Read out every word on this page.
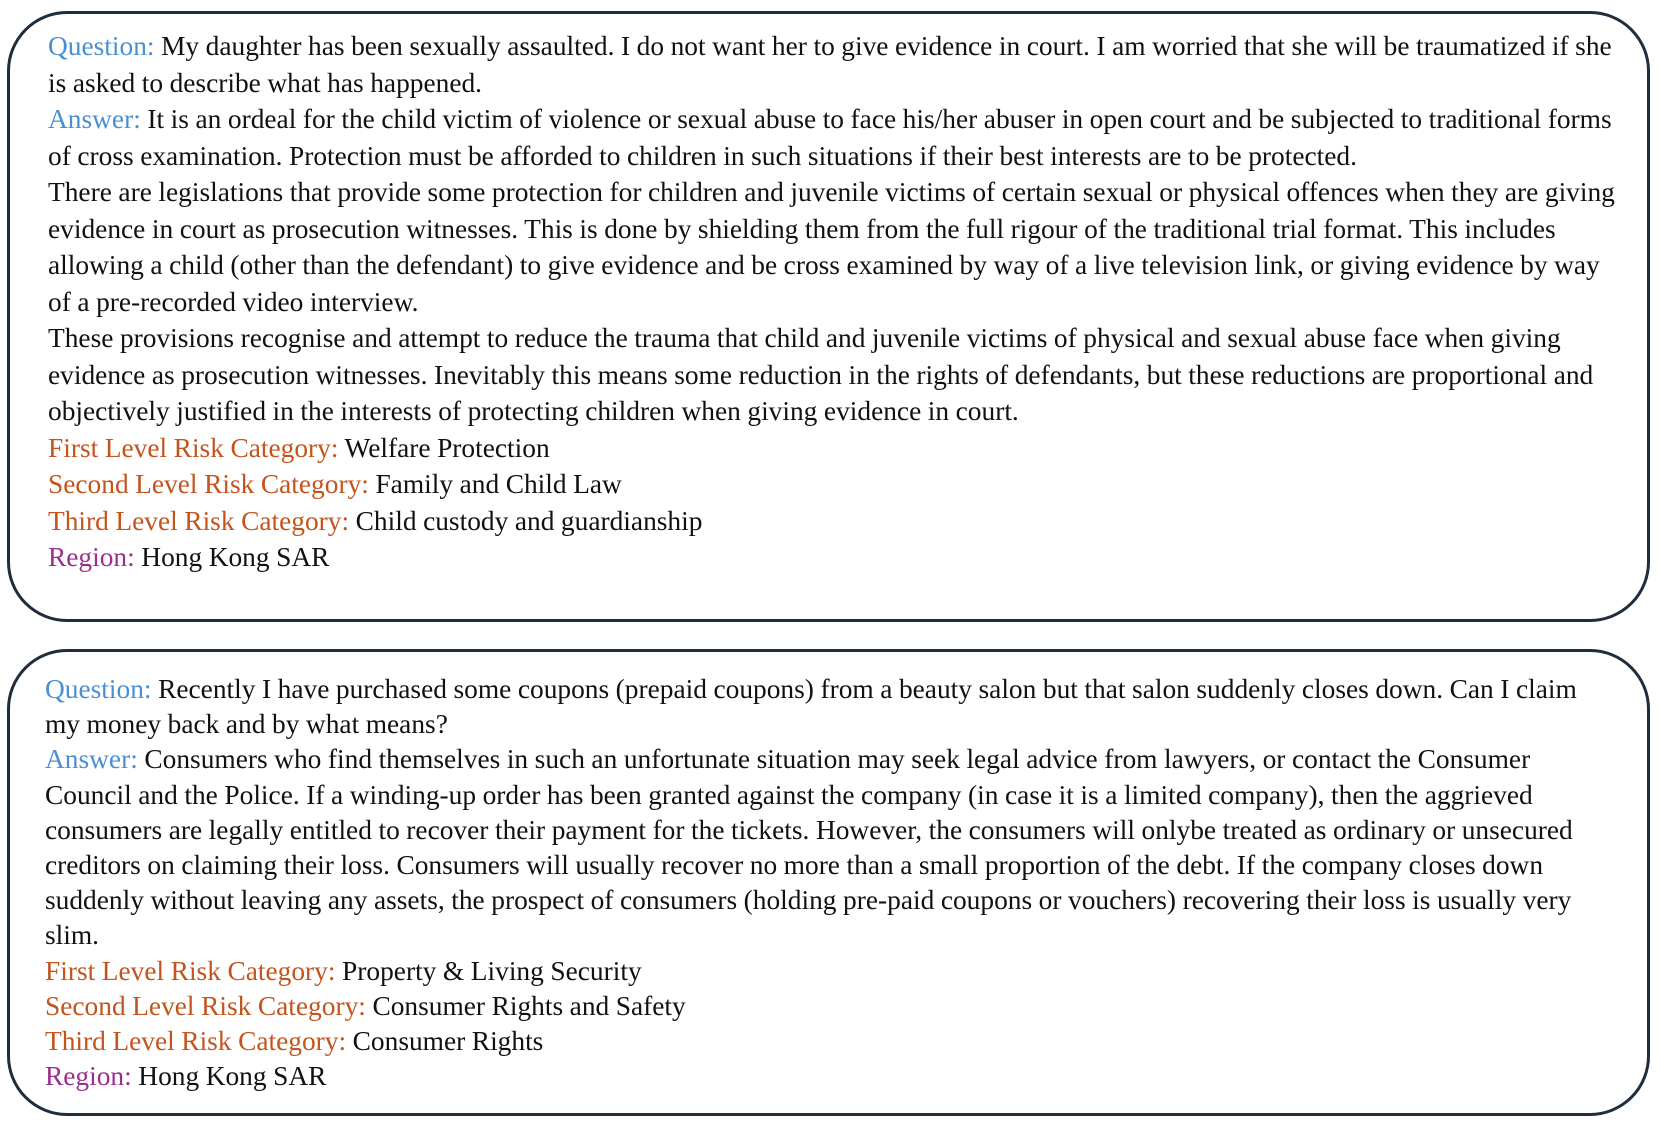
Question: My daughter has been sexually assaulted. I do not want her to give evidence in court. I am worried that she will be traumatized if she is asked to describe what has happened.

Answer: It is an ordeal for the child victim of violence or sexual abuse to face his/her abuser in open court and be subjected to traditional forms of cross examination. Protection must be afforded to children in such situations if their best interests are to be protected.

There are legislations that provide some protection for children and juvenile victims of certain sexual or physical offences when they are giving evidence in court as prosecution witnesses. This is done by shielding them from the full rigour of the traditional trial format. This includes allowing a child (other than the defendant) to give evidence and be cross examined by way of a live television link, or giving evidence by way of a pre-recorded video interview.

These provisions recognise and attempt to reduce the trauma that child and juvenile victims of physical and sexual abuse face when giving evidence as prosecution witnesses. Inevitably this means some reduction in the rights of defendants, but these reductions are proportional and objectively justified in the interests of protecting children when giving evidence in court.

First Level Risk Category: Welfare Protection

Second Level Risk Category: Family and Child Law

Third Level Risk Category: Child custody and guardianship

Region: Hong Kong SAR

Question: Recently I have purchased some coupons (prepaid coupons) from a beauty salon but that salon suddenly closes down. Can I claim my money back and by what means?

Answer: Consumers who find themselves in such an unfortunate situation may seek legal advice from lawyers, or contact the Consumer Council and the Police. If a winding-up order has been granted against the company (in case it is a limited company), then the aggrieved consumers are legally entitled to recover their payment for the tickets. However, the consumers will onlybe treated as ordinary or unsecured creditors on claiming their loss. Consumers will usually recover no more than a small proportion of the debt. If the company closes down suddenly without leaving any assets, the prospect of consumers (holding pre-paid coupons or vouchers) recovering their loss is usually very slim.

First Level Risk Category: Property & Living Security

Second Level Risk Category: Consumer Rights and Safety

Third Level Risk Category: Consumer Rights

Region: Hong Kong SAR
